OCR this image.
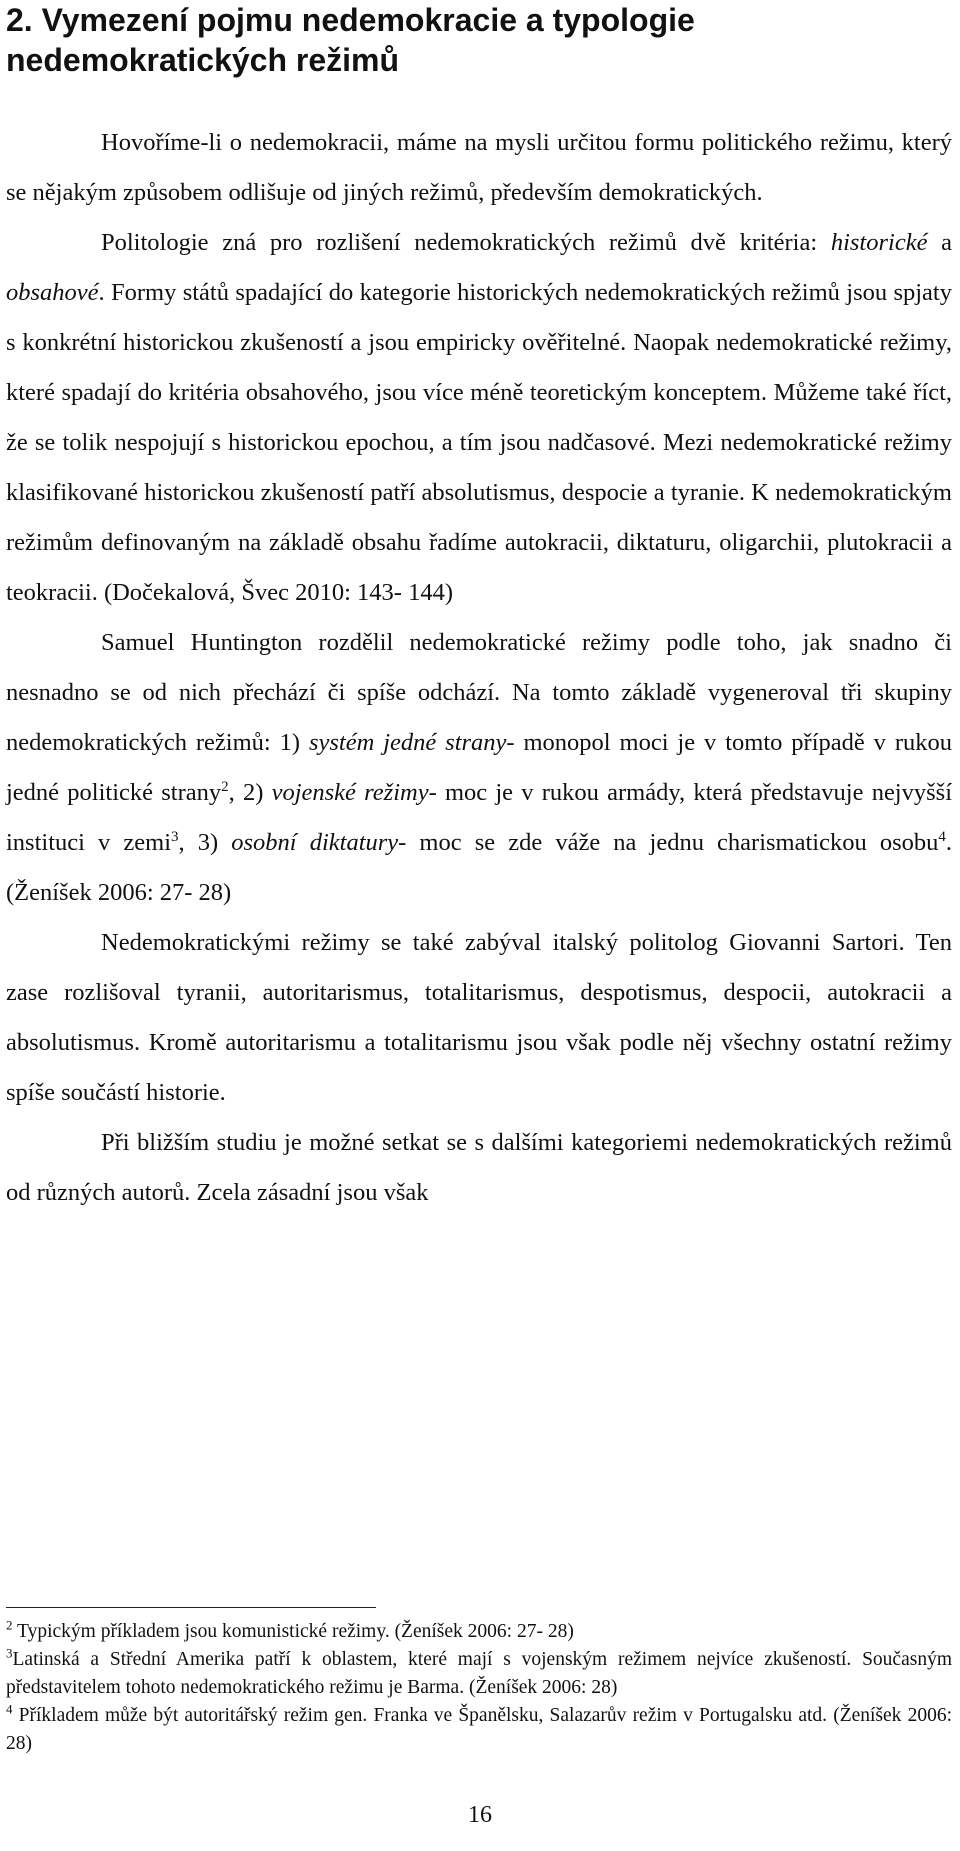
2. Vymezení pojmu nedemokracie a typologie nedemokratických režimů

Hovoříme-li o nedemokracii, máme na mysli určitou formu politického režimu, který se nějakým způsobem odlišuje od jiných režimů, především demokratických.

Politologie zná pro rozlišení nedemokratických režimů dvě kritéria: historické a obsahové. Formy států spadající do kategorie historických nedemokratických režimů jsou spjaty s konkrétní historickou zkušeností a jsou empiricky ověřitelné. Naopak nedemokratické režimy, které spadají do kritéria obsahového, jsou více méně teoretickým konceptem. Můžeme také říct, že se tolik nespojují s historickou epochou, a tím jsou nadčasové. Mezi nedemokratické režimy klasifikované historickou zkušeností patří absolutismus, despocie a tyranie. K nedemokratickým režimům definovaným na základě obsahu řadíme autokracii, diktaturu, oligarchii, plutokracii a teokracii. (Dočekalová, Švec 2010: 143- 144)

Samuel Huntington rozdělil nedemokratické režimy podle toho, jak snadno či nesnadno se od nich přechází či spíše odchází. Na tomto základě vygeneroval tři skupiny nedemokratických režimů: 1) systém jedné strany- monopol moci je v tomto případě v rukou jedné politické strany$^2$, 2) vojenské režimy- moc je v rukou armády, která představuje nejvyšší instituci v zemi$^3$, 3) osobní diktatury- moc se zde váže na jednu charismatickou osobu$^4$. (Ženíšek 2006: 27- 28)

Nedemokratickými režimy se také zabýval italský politolog Giovanni Sartori. Ten zase rozlišoval tyranii, autoritarismus, totalitarismus, despotismus, despocii, autokracii a absolutismus. Kromě autoritarismu a totalitarismu jsou však podle něj všechny ostatní režimy spíše součástí historie.

Při bližším studiu je možné setkat se s dalšími kategoriemi nedemokratických režimů od různých autorů. Zcela zásadní jsou však

$^2$ Typickým příkladem jsou komunistické režimy. (Ženíšek 2006: 27- 28)

$^3$Latinská a Střední Amerika patří k oblastem, které mají s vojenským režimem nejvíce zkušeností. Současným představitelem tohoto nedemokratického režimu je Barma. (Ženíšek 2006: 28)

$^4$ Příkladem může být autoritářský režim gen. Franka ve Španělsku, Salazarův režim v Portugalsku atd. (Ženíšek 2006: 28)

16
